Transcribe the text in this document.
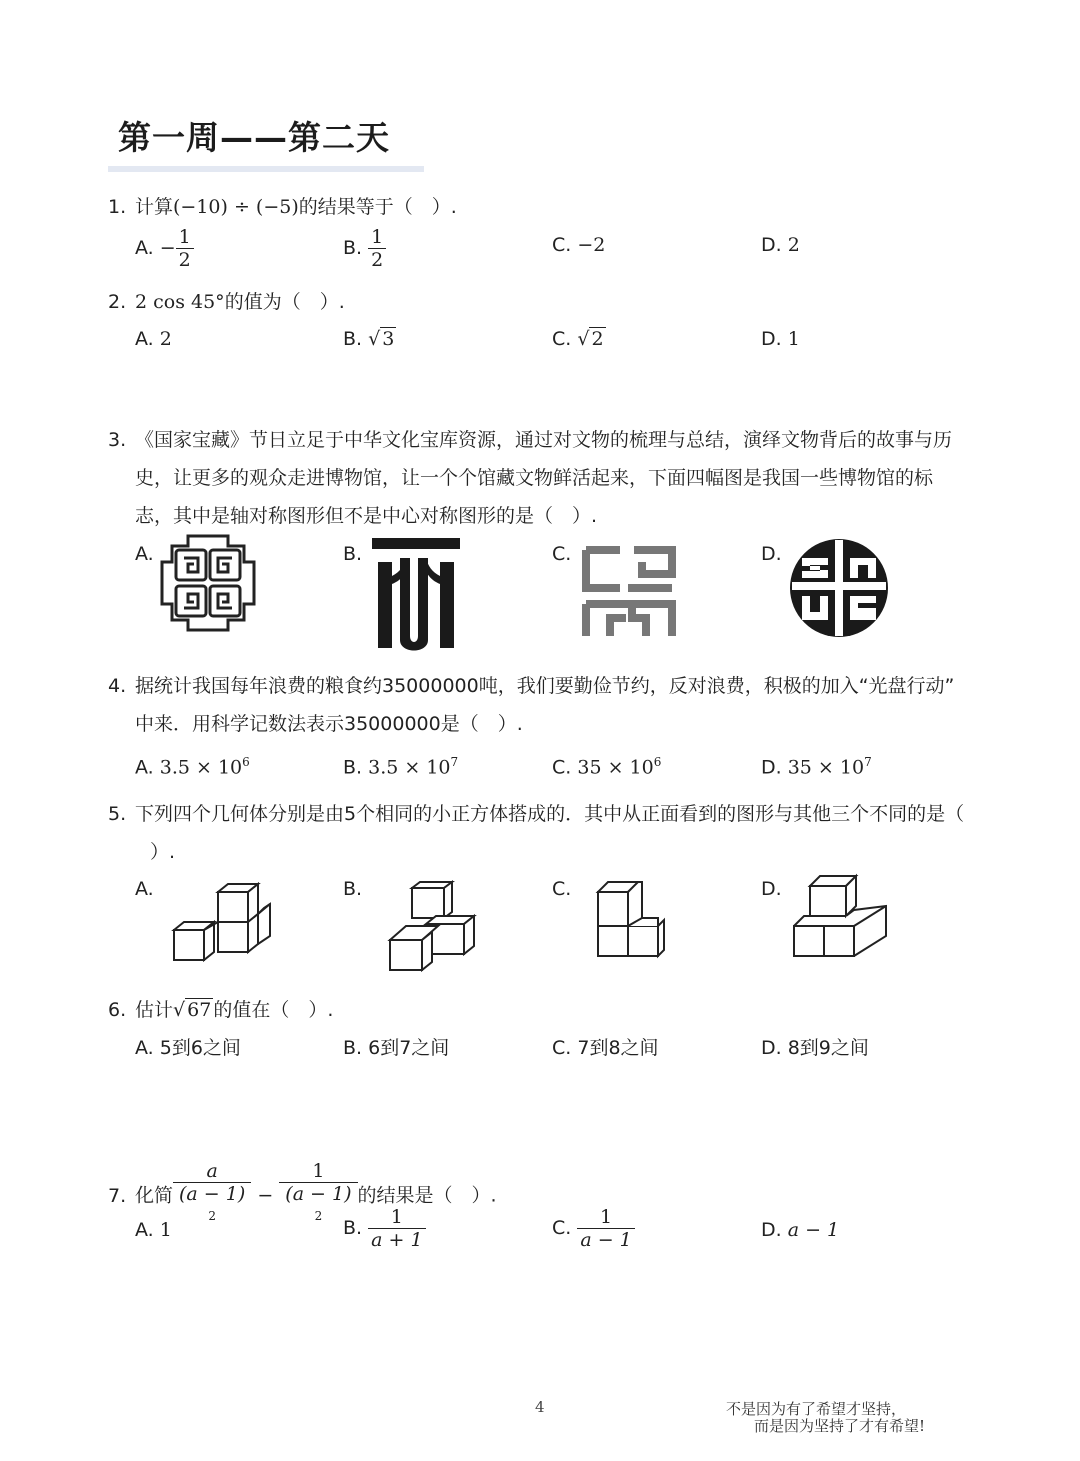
第一周——第二天
1. 计算(−10) ÷ (−5)的结果等于（　）.
A. − $\frac{1}{2}$	B. $\frac{1}{2}$	C. −2	D. 2
2. 2 cos 45°的值为（　）.
A. 2	B. √ 3	C. √ 2	D. 1
3. 《国家宝藏》节日立足于中华文化宝库资源，通过对文物的梳理与总结，演绎文物背后的故事与历
史，让更多的观众走进博物馆，让一个个馆藏文物鲜活起来，下面四幅图是我国一些博物馆的标
志，其中是轴对称图形但不是中心对称图形的是（　）.
A.	B.	C.	D.
4. 据统计我国每年浪费的粮食约35000000吨，我们要勤俭节约，反对浪费，积极的加入“光盘行动”
中来．用科学记数法表示35000000是（　）.
A. $3.5 \times 10^6$	B. $3.5 \times 10^7$	C. $35 \times 10^6$	D. $35 \times 10^7$
5. 下列四个几何体分别是由5个相同的小正方体搭成的．其中从正面看到的图形与其他三个不同的是（
）.
A.	B.	C.	D.
6. 估计√ 67 的值在（　）.
A. 5到6之间	B. 6到7之间	C. 7到8之间	D. 8到9之间
7. 化简 a
(a − 1)
$^2$ − 1
(a − 1)
$^2$ 的结果是（　）.
A. 1	B. $\frac{1}{a + 1}$	C. $\frac{1}{a - 1}$	D. a − 1
4	不是因为有了希望才坚持，
而是因为坚持了才有希望!
